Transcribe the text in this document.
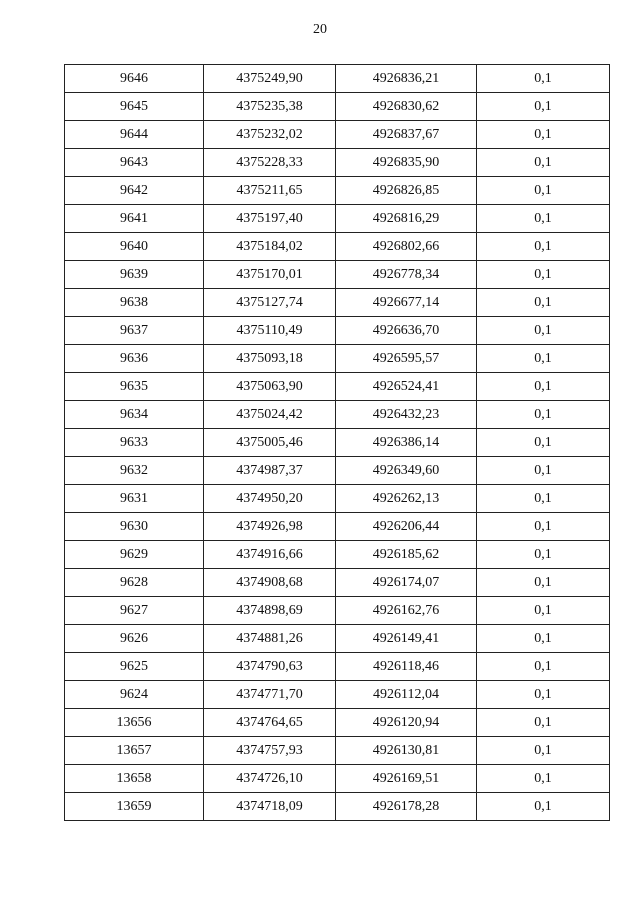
20
9646	4375249,90	4926836,21	0,1
9645	4375235,38	4926830,62	0,1
9644	4375232,02	4926837,67	0,1
9643	4375228,33	4926835,90	0,1
9642	4375211,65	4926826,85	0,1
9641	4375197,40	4926816,29	0,1
9640	4375184,02	4926802,66	0,1
9639	4375170,01	4926778,34	0,1
9638	4375127,74	4926677,14	0,1
9637	4375110,49	4926636,70	0,1
9636	4375093,18	4926595,57	0,1
9635	4375063,90	4926524,41	0,1
9634	4375024,42	4926432,23	0,1
9633	4375005,46	4926386,14	0,1
9632	4374987,37	4926349,60	0,1
9631	4374950,20	4926262,13	0,1
9630	4374926,98	4926206,44	0,1
9629	4374916,66	4926185,62	0,1
9628	4374908,68	4926174,07	0,1
9627	4374898,69	4926162,76	0,1
9626	4374881,26	4926149,41	0,1
9625	4374790,63	4926118,46	0,1
9624	4374771,70	4926112,04	0,1
13656	4374764,65	4926120,94	0,1
13657	4374757,93	4926130,81	0,1
13658	4374726,10	4926169,51	0,1
13659	4374718,09	4926178,28	0,1
